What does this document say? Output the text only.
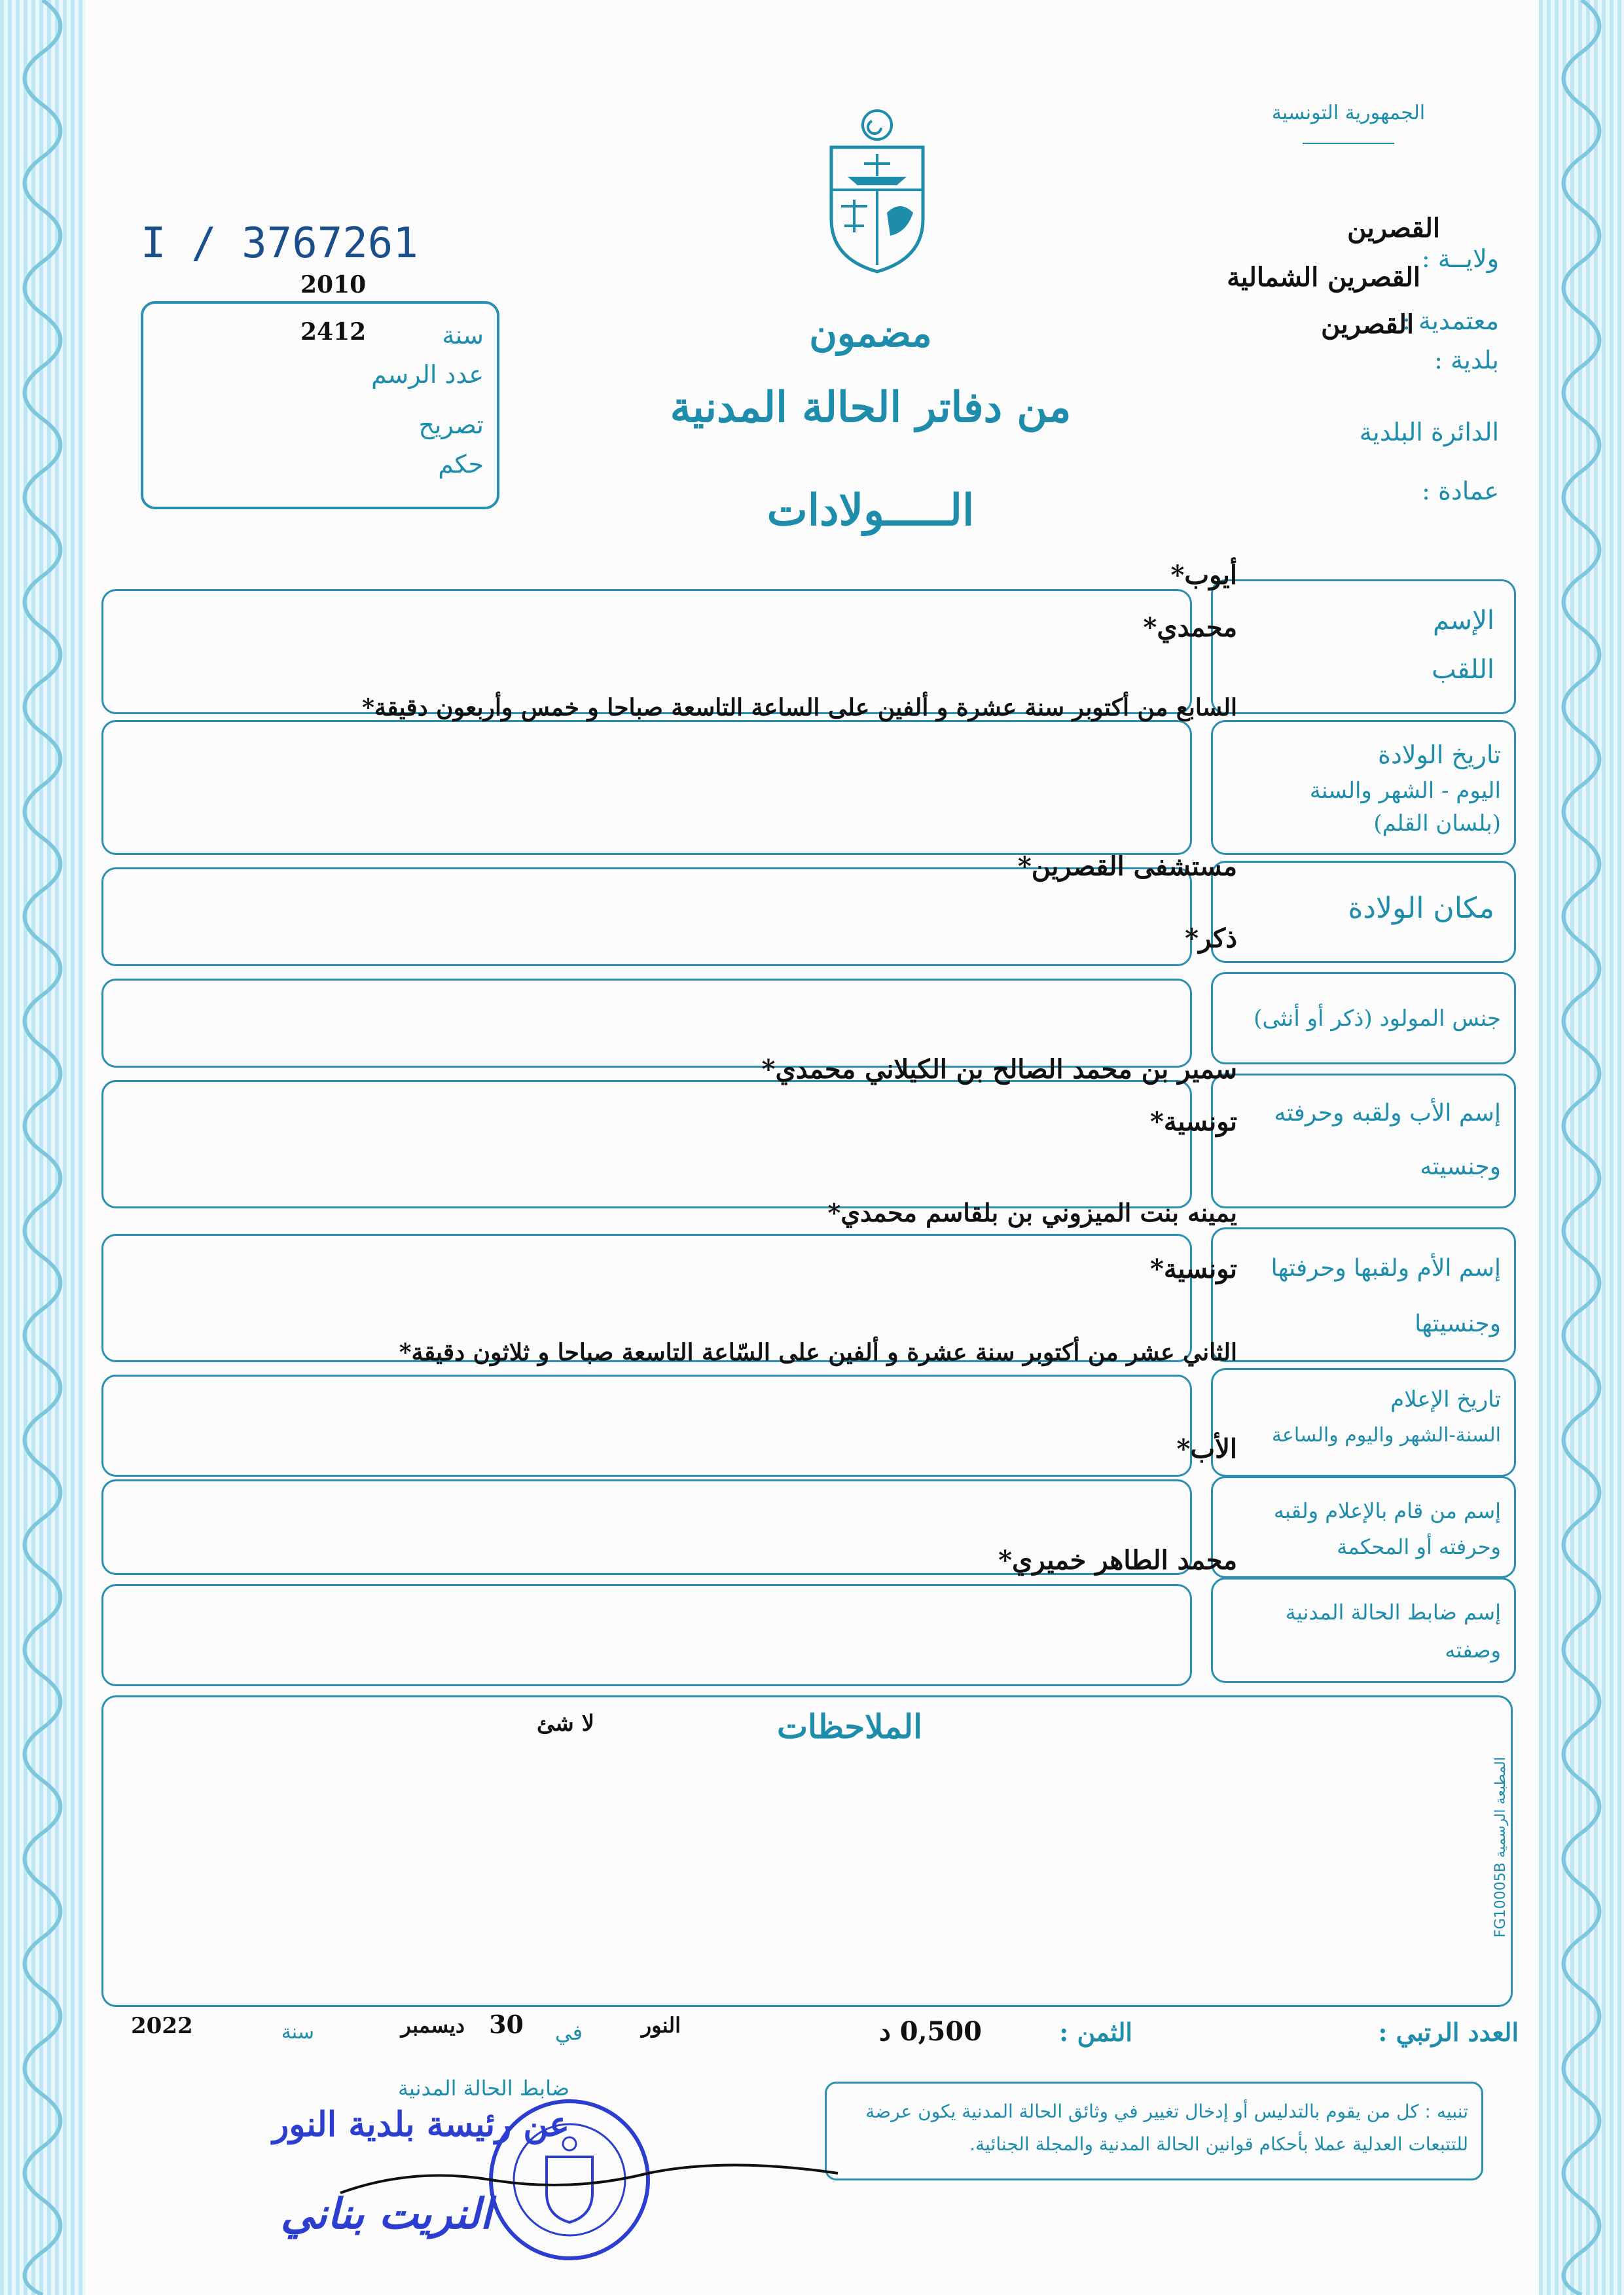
الجمهورية التونسية
ولايــة :
القصرين
معتمدية :
القصرين الشمالية
بلدية :
القصرين
الدائرة البلدية
عمادة :
I / 3767261
2010
2412	سنة
عدد الرسم
تصريح
حكم
مضمون
من دفاتر الحالة المدنية
الـــــولادات
الإسم
اللقب
أيوب*
محمدي*
تاريخ الولادة
اليوم - الشهر والسنة
(بلسان القلم)
السابع من أكتوبر سنة عشرة و ألفين على الساعة التاسعة صباحا و خمس وأربعون دقيقة*
مكان الولادة
مستشفى القصرين*
جنس المولود (ذكر أو أنثى)
ذكر*
إسم الأب ولقبه وحرفته
وجنسيته
سمير بن محمد الصالح بن الكيلاني محمدي*
تونسية*
إسم الأم ولقبها وحرفتها
وجنسيتها
يمينه بنت الميزوني بن بلقاسم محمدي*
تونسية*
تاريخ الإعلام
السنة-الشهر واليوم والساعة
الثاني عشر من أكتوبر سنة عشرة و ألفين على السّاعة التاسعة صباحا و ثلاثون دقيقة*
إسم من قام بالإعلام ولقبه
وحرفته أو المحكمة
الأب*
إسم ضابط الحالة المدنية
وصفته
محمد الطاهر خميري*
الملاحظات
لا شئ
المطبعة الرسمية FG10005B
العدد الرتبي :
الثمن :
0,500 د
النور
في
30
ديسمبر
سنة
2022
ضابط الحالة المدنية
تنبيه : كل من يقوم بالتدليس أو إدخال تغيير في وثائق الحالة المدنية يكون عرضة للتتبعات العدلية عملا بأحكام قوانين الحالة المدنية والمجلة الجنائية.
عن رئيسة بلدية النور
النريت بناني
